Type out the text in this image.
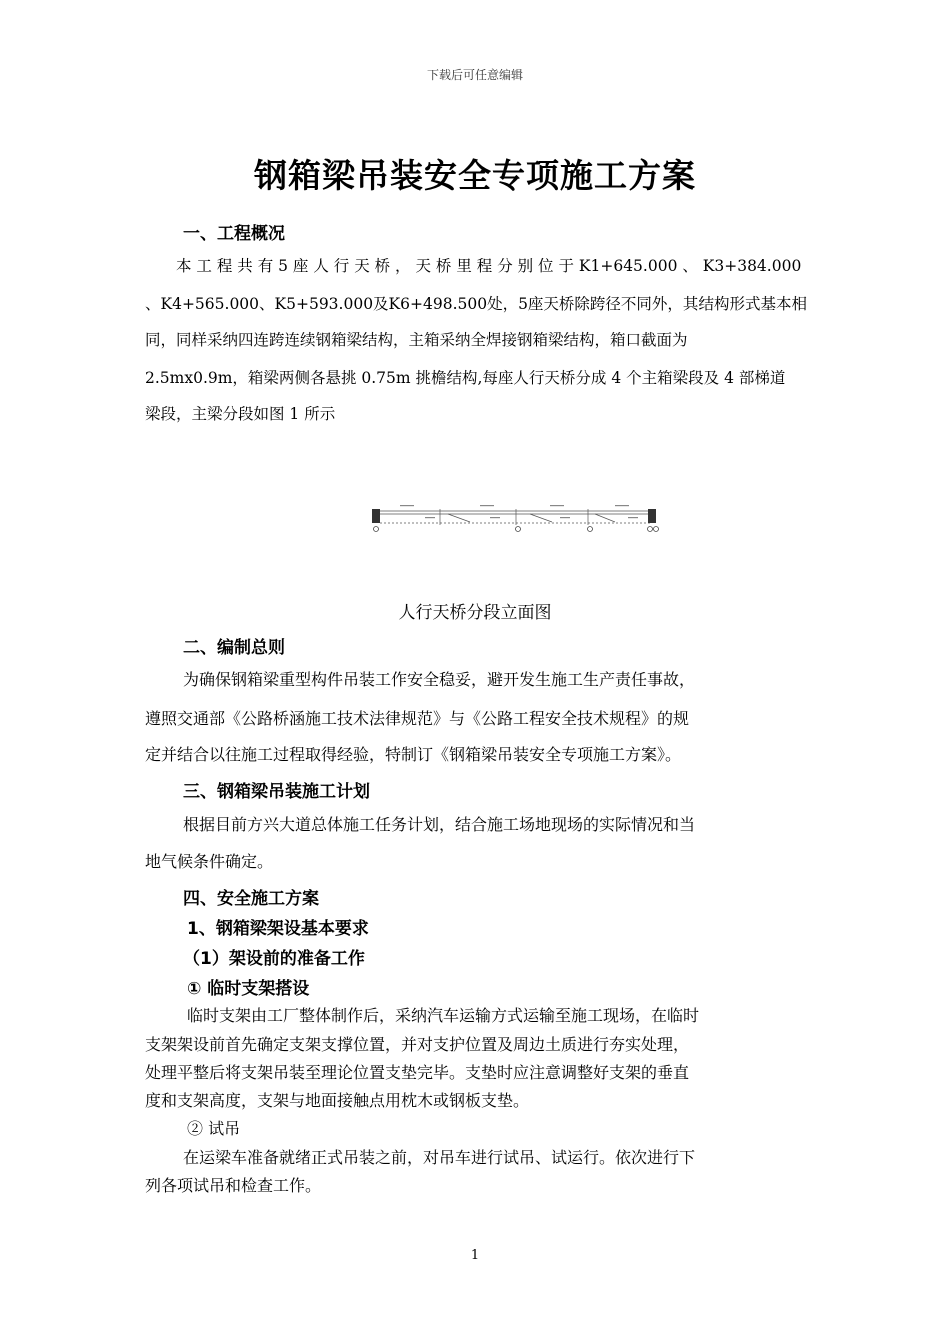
下载后可任意编辑
钢箱梁吊装安全专项施工方案
一、工程概况
本 工 程 共 有 5 座 人 行 天 桥 ， 天 桥 里 程 分 别 位 于 K1+645.000 、 K3+384.000
、K4+565.000、K5+593.000及K6+498.500处，5座天桥除跨径不同外，其结构形式基本相
同，同样采纳四连跨连续钢箱梁结构，主箱采纳全焊接钢箱梁结构，箱口截面为
2.5mx0.9m，箱梁两侧各悬挑 0.75m 挑檐结构,每座人行天桥分成 4 个主箱梁段及 4 部梯道
梁段，主梁分段如图 1 所示
人行天桥分段立面图
二、编制总则
为确保钢箱梁重型构件吊装工作安全稳妥，避开发生施工生产责任事故，
遵照交通部《公路桥涵施工技术法律规范》与《公路工程安全技术规程》的规
定并结合以往施工过程取得经验，特制订《钢箱梁吊装安全专项施工方案》。
三、钢箱梁吊装施工计划
根据目前方兴大道总体施工任务计划，结合施工场地现场的实际情况和当
地气候条件确定。
四、安全施工方案
1、钢箱梁架设基本要求
（1）架设前的准备工作
① 临时支架搭设
临时支架由工厂整体制作后，采纳汽车运输方式运输至施工现场，在临时
支架架设前首先确定支架支撑位置，并对支护位置及周边土质进行夯实处理，
处理平整后将支架吊装至理论位置支垫完毕。支垫时应注意调整好支架的垂直
度和支架高度，支架与地面接触点用枕木或钢板支垫。
② 试吊
在运梁车准备就绪正式吊装之前，对吊车进行试吊、试运行。依次进行下
列各项试吊和检查工作。
1
